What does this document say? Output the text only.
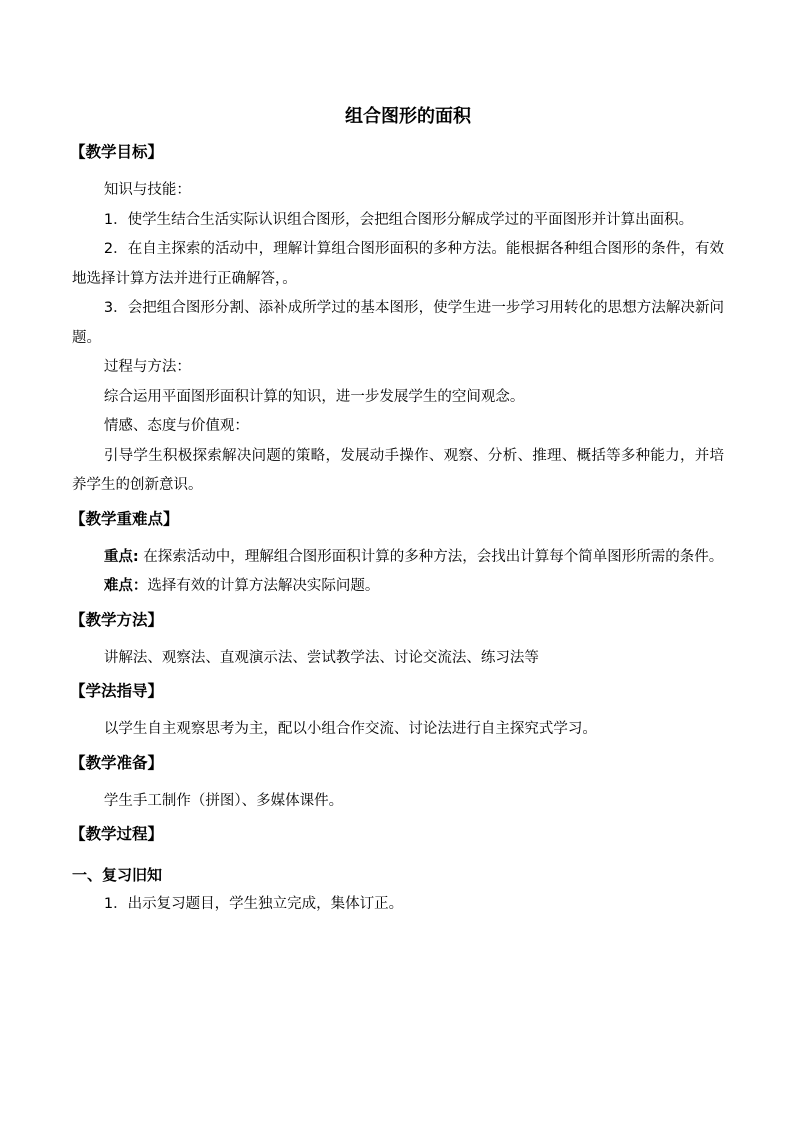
组合图形的面积
【教学目标】

知识与技能：

1．使学生结合生活实际认识组合图形，会把组合图形分解成学过的平面图形并计算出面积。

2．在自主探索的活动中，理解计算组合图形面积的多种方法。能根据各种组合图形的条件，有效地选择计算方法并进行正确解答，。

3．会把组合图形分割、添补成所学过的基本图形，使学生进一步学习用转化的思想方法解决新问题。

过程与方法：

综合运用平面图形面积计算的知识，进一步发展学生的空间观念。

情感、态度与价值观：

引导学生积极探索解决问题的策略，发展动手操作、观察、分析、推理、概括等多种能力，并培养学生的创新意识。

【教学重难点】

重点: 在探索活动中，理解组合图形面积计算的多种方法，会找出计算每个简单图形所需的条件。

难点：选择有效的计算方法解决实际问题。

【教学方法】

讲解法、观察法、直观演示法、尝试教学法、讨论交流法、练习法等

【学法指导】

以学生自主观察思考为主，配以小组合作交流、讨论法进行自主探究式学习。

【教学准备】

学生手工制作（拼图）、多媒体课件。

【教学过程】
一、复习旧知

1．出示复习题目，学生独立完成，集体订正。
